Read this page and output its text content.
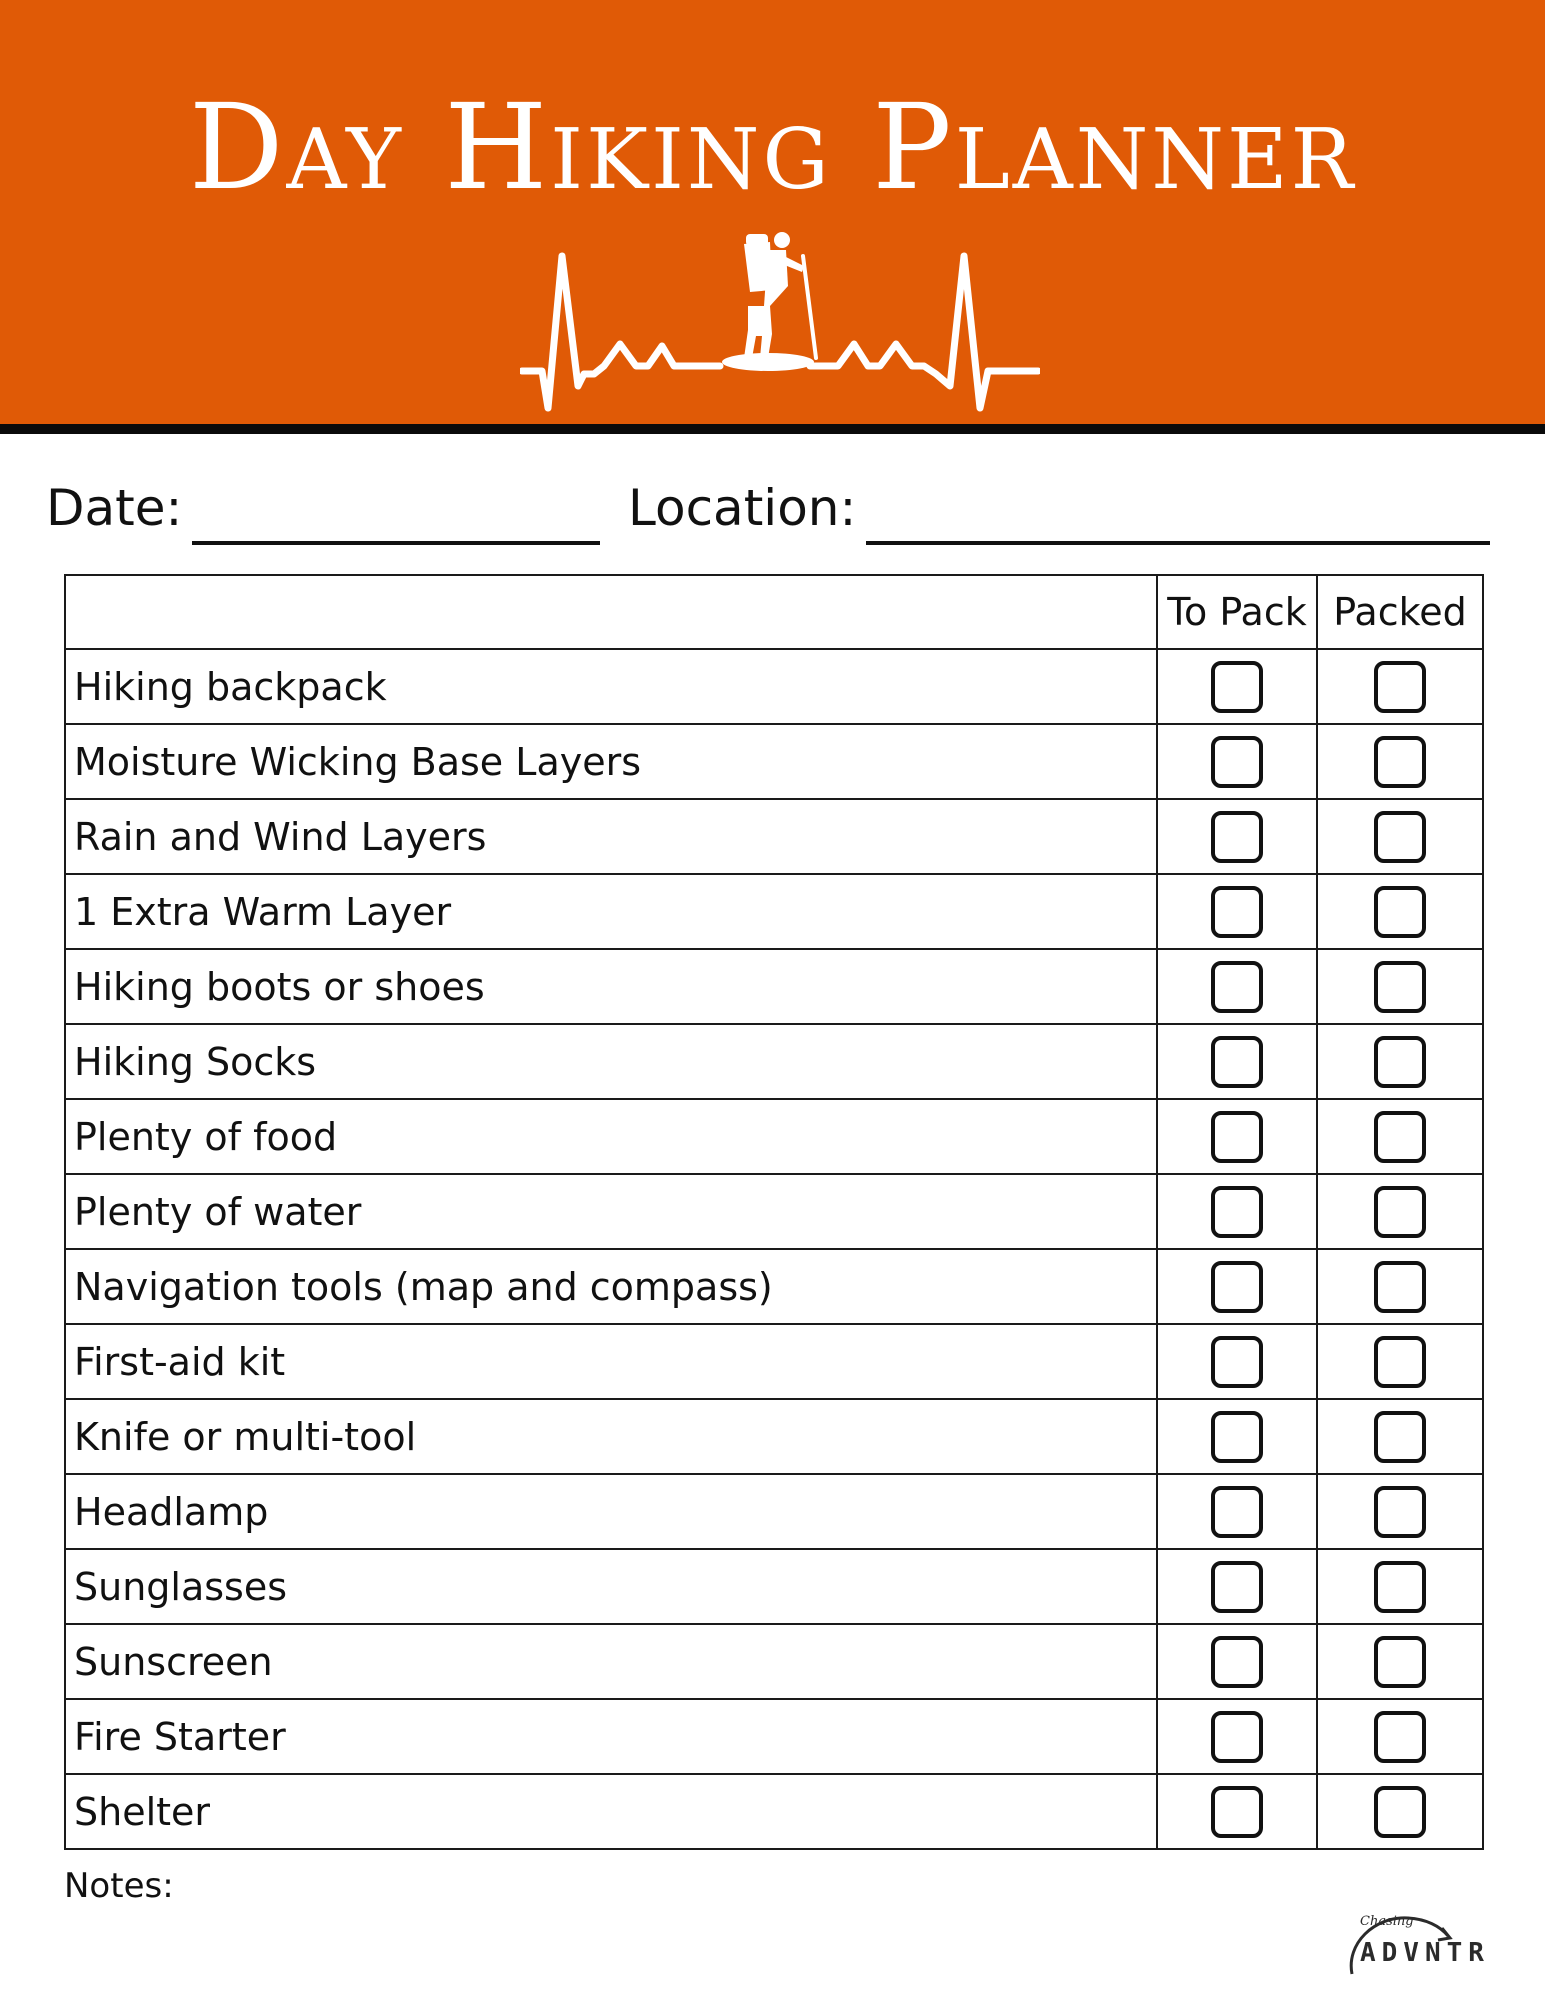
Day Hiking Planner
Date:	Location:
	To Pack	Packed
Hiking backpack		
Moisture Wicking Base Layers		
Rain and Wind Layers		
1 Extra Warm Layer		
Hiking boots or shoes		
Hiking Socks		
Plenty of food		
Plenty of water		
Navigation tools (map and compass)		
First-aid kit		
Knife or multi-tool		
Headlamp		
Sunglasses		
Sunscreen		
Fire Starter		
Shelter		
Notes:
Chasing
ADVNTR
